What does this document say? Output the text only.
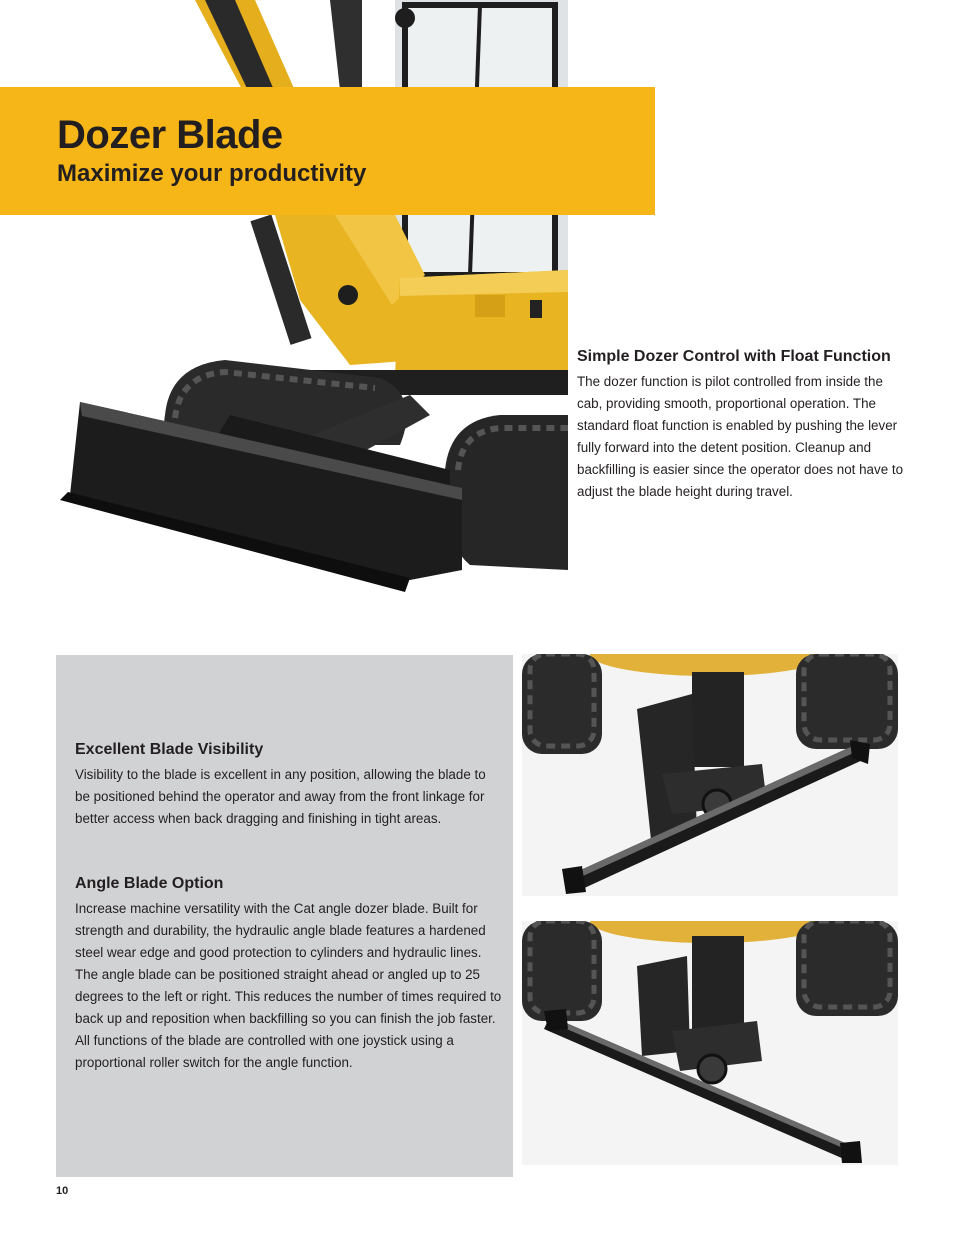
Dozer Blade
Maximize your productivity
Simple Dozer Control with Float Function

The dozer function is pilot controlled from inside the cab, providing smooth, proportional operation. The standard float function is enabled by pushing the lever fully forward into the detent position. Cleanup and backfilling is easier since the operator does not have to adjust the blade height during travel.

Excellent Blade Visibility

Visibility to the blade is excellent in any position, allowing the blade to be positioned behind the operator and away from the front linkage for better access when back dragging and finishing in tight areas.

Angle Blade Option

Increase machine versatility with the Cat angle dozer blade. Built for strength and durability, the hydraulic angle blade features a hardened steel wear edge and good protection to cylinders and hydraulic lines. The angle blade can be positioned straight ahead or angled up to 25 degrees to the left or right. This reduces the number of times required to back up and reposition when backfilling so you can finish the job faster. All functions of the blade are controlled with one joystick using a proportional roller switch for the angle function.

10
